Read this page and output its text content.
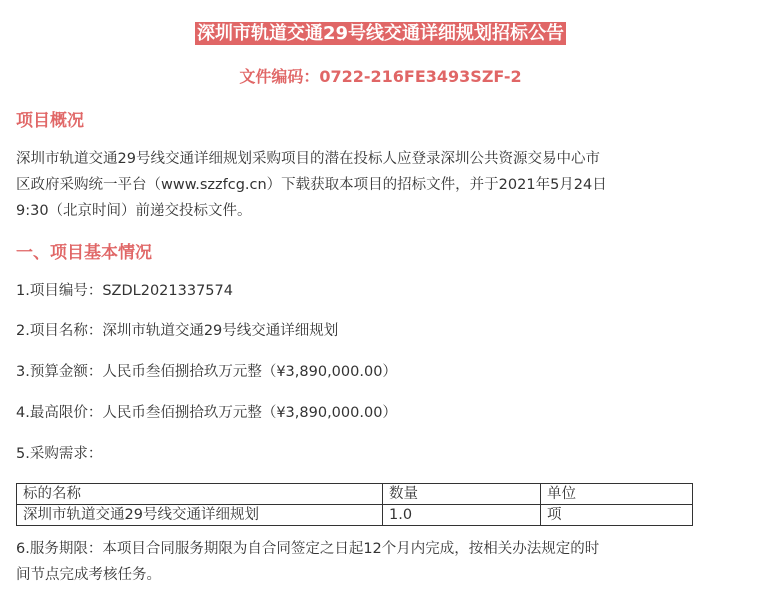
深圳市轨道交通29号线交通详细规划招标公告
文件编码：0722-216FE3493SZF-2
项目概况
深圳市轨道交通29号线交通详细规划采购项目的潜在投标人应登录深圳公共资源交易中心市
区政府采购统一平台（www.szzfcg.cn）下载获取本项目的招标文件，并于2021年5月24日
9:30（北京时间）前递交投标文件。
一、项目基本情况
1.项目编号：SZDL2021337574
2.项目名称：深圳市轨道交通29号线交通详细规划
3.预算金额：人民币叁佰捌拾玖万元整（¥3,890,000.00）
4.最高限价：人民币叁佰捌拾玖万元整（¥3,890,000.00）
5.采购需求：
标的名称	数量	单位
深圳市轨道交通29号线交通详细规划	1.0	项
6.服务期限：本项目合同服务期限为自合同签定之日起12个月内完成，按相关办法规定的时
间节点完成考核任务。
